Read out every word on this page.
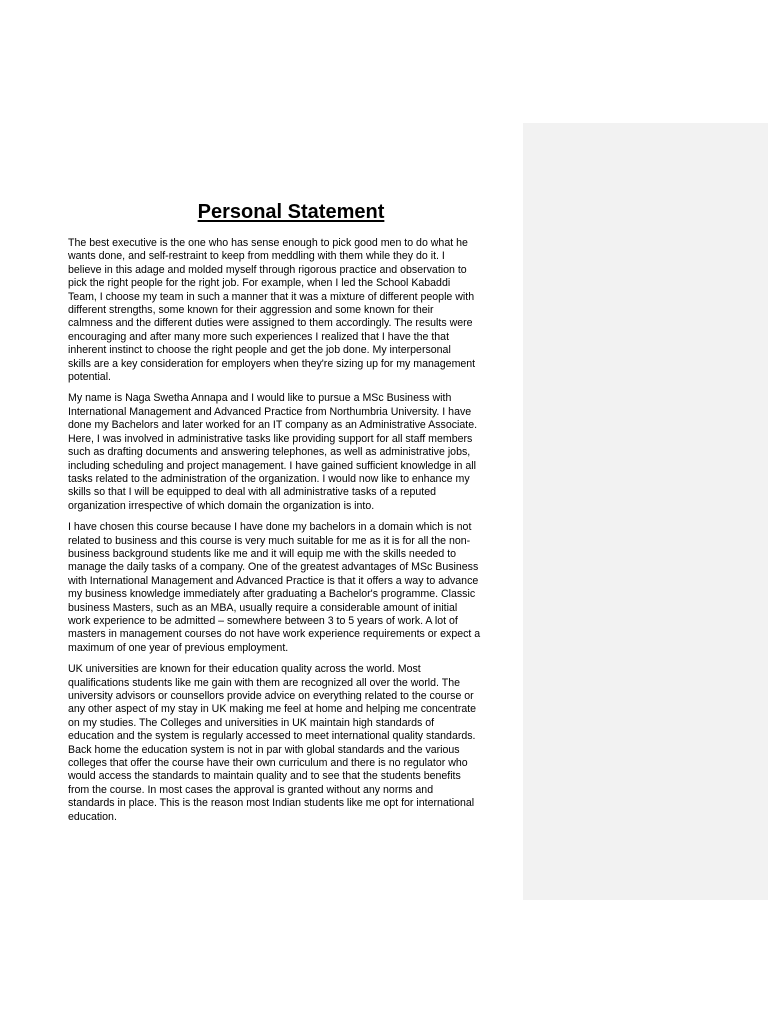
Personal Statement

The best executive is the one who has sense enough to pick good men to do what he
wants done, and self-restraint to keep from meddling with them while they do it. I
believe in this adage and molded myself through rigorous practice and observation to
pick the right people for the right job. For example, when I led the School Kabaddi
Team, I choose my team in such a manner that it was a mixture of different people with
different strengths, some known for their aggression and some known for their
calmness and the different duties were assigned to them accordingly. The results were
encouraging and after many more such experiences I realized that I have the that
inherent instinct to choose the right people and get the job done. My interpersonal
skills are a key consideration for employers when they're sizing up for my management
potential.

My name is Naga Swetha Annapa and I would like to pursue a MSc Business with
International Management and Advanced Practice from Northumbria University. I have
done my Bachelors and later worked for an IT company as an Administrative Associate.
Here, I was involved in administrative tasks like providing support for all staff members
such as drafting documents and answering telephones, as well as administrative jobs,
including scheduling and project management. I have gained sufficient knowledge in all
tasks related to the administration of the organization. I would now like to enhance my
skills so that I will be equipped to deal with all administrative tasks of a reputed
organization irrespective of which domain the organization is into.

I have chosen this course because I have done my bachelors in a domain which is not
related to business and this course is very much suitable for me as it is for all the non-
business background students like me and it will equip me with the skills needed to
manage the daily tasks of a company. One of the greatest advantages of MSc Business
with International Management and Advanced Practice is that it offers a way to advance
my business knowledge immediately after graduating a Bachelor's programme. Classic
business Masters, such as an MBA, usually require a considerable amount of initial
work experience to be admitted – somewhere between 3 to 5 years of work. A lot of
masters in management courses do not have work experience requirements or expect a
maximum of one year of previous employment.

UK universities are known for their education quality across the world. Most
qualifications students like me gain with them are recognized all over the world. The
university advisors or counsellors provide advice on everything related to the course or
any other aspect of my stay in UK making me feel at home and helping me concentrate
on my studies. The Colleges and universities in UK maintain high standards of
education and the system is regularly accessed to meet international quality standards.
Back home the education system is not in par with global standards and the various
colleges that offer the course have their own curriculum and there is no regulator who
would access the standards to maintain quality and to see that the students benefits
from the course. In most cases the approval is granted without any norms and
standards in place. This is the reason most Indian students like me opt for international
education.
